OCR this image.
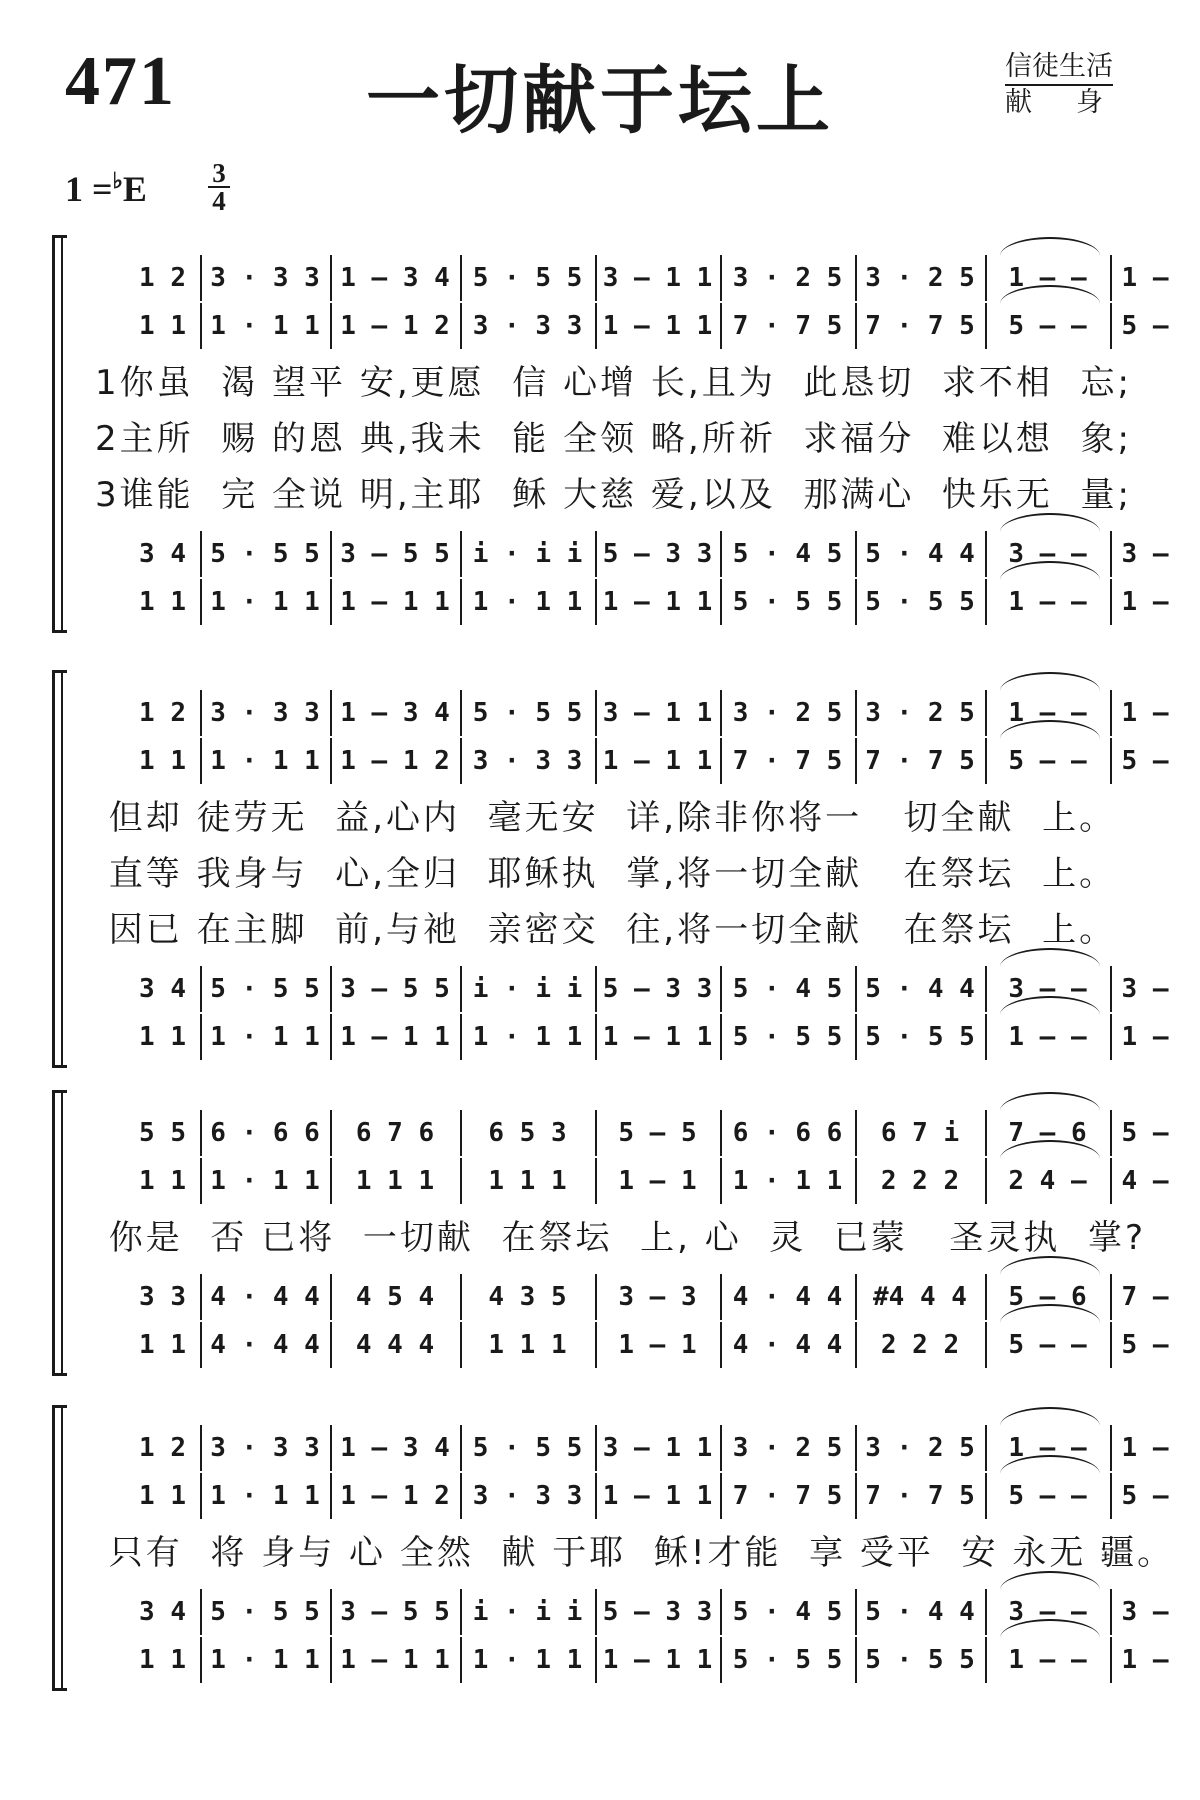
471	一切献于坛上	信徒生活
献身
1 =♭E 3
4
1 2 3 · 3 3 1 – 3 4 5 · 5 5 3 – 1 1 3 · 2 5 3 · 2 5 1 – – 1 –
1 1 1 · 1 1 1 – 1 2 3 · 3 3 1 – 1 1 7 · 7 5 7 · 7 5 5 – – 5 –
1你虽  渴 望平 安,更愿  信 心增 长,且为  此恳切  求不相  忘;
2主所  赐 的恩 典,我未  能 全领 略,所祈  求福分  难以想  象;
3谁能  完 全说 明,主耶  稣 大慈 爱,以及  那满心  快乐无  量;
3 4 5 · 5 5 3 – 5 5 i · i i 5 – 3 3 5 · 4 5 5 · 4 4 3 – – 3 –
1 1 1 · 1 1 1 – 1 1 1 · 1 1 1 – 1 1 5 · 5 5 5 · 5 5 1 – – 1 –
1 2 3 · 3 3 1 – 3 4 5 · 5 5 3 – 1 1 3 · 2 5 3 · 2 5 1 – – 1 –
1 1 1 · 1 1 1 – 1 2 3 · 3 3 1 – 1 1 7 · 7 5 7 · 7 5 5 – – 5 –
但却 徒劳无  益,心内  毫无安  详,除非你将一   切全献  上。
直等 我身与  心,全归  耶稣执  掌,将一切全献   在祭坛  上。
因已 在主脚  前,与祂  亲密交  往,将一切全献   在祭坛  上。
3 4 5 · 5 5 3 – 5 5 i · i i 5 – 3 3 5 · 4 5 5 · 4 4 3 – – 3 –
1 1 1 · 1 1 1 – 1 1 1 · 1 1 1 – 1 1 5 · 5 5 5 · 5 5 1 – – 1 –
5 5 6 · 6 6 6 7 6 6 5 3 5 – 5 6 · 6 6 6 7 i 7 – 6 5 –
1 1 1 · 1 1 1 1 1 1 1 1 1 – 1 1 · 1 1 2 2 2 2 4 – 4 –
你是  否 已将  一切献  在祭坛  上, 心  灵  已蒙   圣灵执  掌?
3 3 4 · 4 4 4 5 4 4 3 5 3 – 3 4 · 4 4 #4 4 4 5 – 6 7 –
1 1 4 · 4 4 4 4 4 1 1 1 1 – 1 4 · 4 4 2 2 2 5 – – 5 –
1 2 3 · 3 3 1 – 3 4 5 · 5 5 3 – 1 1 3 · 2 5 3 · 2 5 1 – – 1 –
1 1 1 · 1 1 1 – 1 2 3 · 3 3 1 – 1 1 7 · 7 5 7 · 7 5 5 – – 5 –
只有  将 身与 心 全然  献 于耶  稣!才能  享 受平  安 永无 疆。
3 4 5 · 5 5 3 – 5 5 i · i i 5 – 3 3 5 · 4 5 5 · 4 4 3 – – 3 –
1 1 1 · 1 1 1 – 1 1 1 · 1 1 1 – 1 1 5 · 5 5 5 · 5 5 1 – – 1 –
